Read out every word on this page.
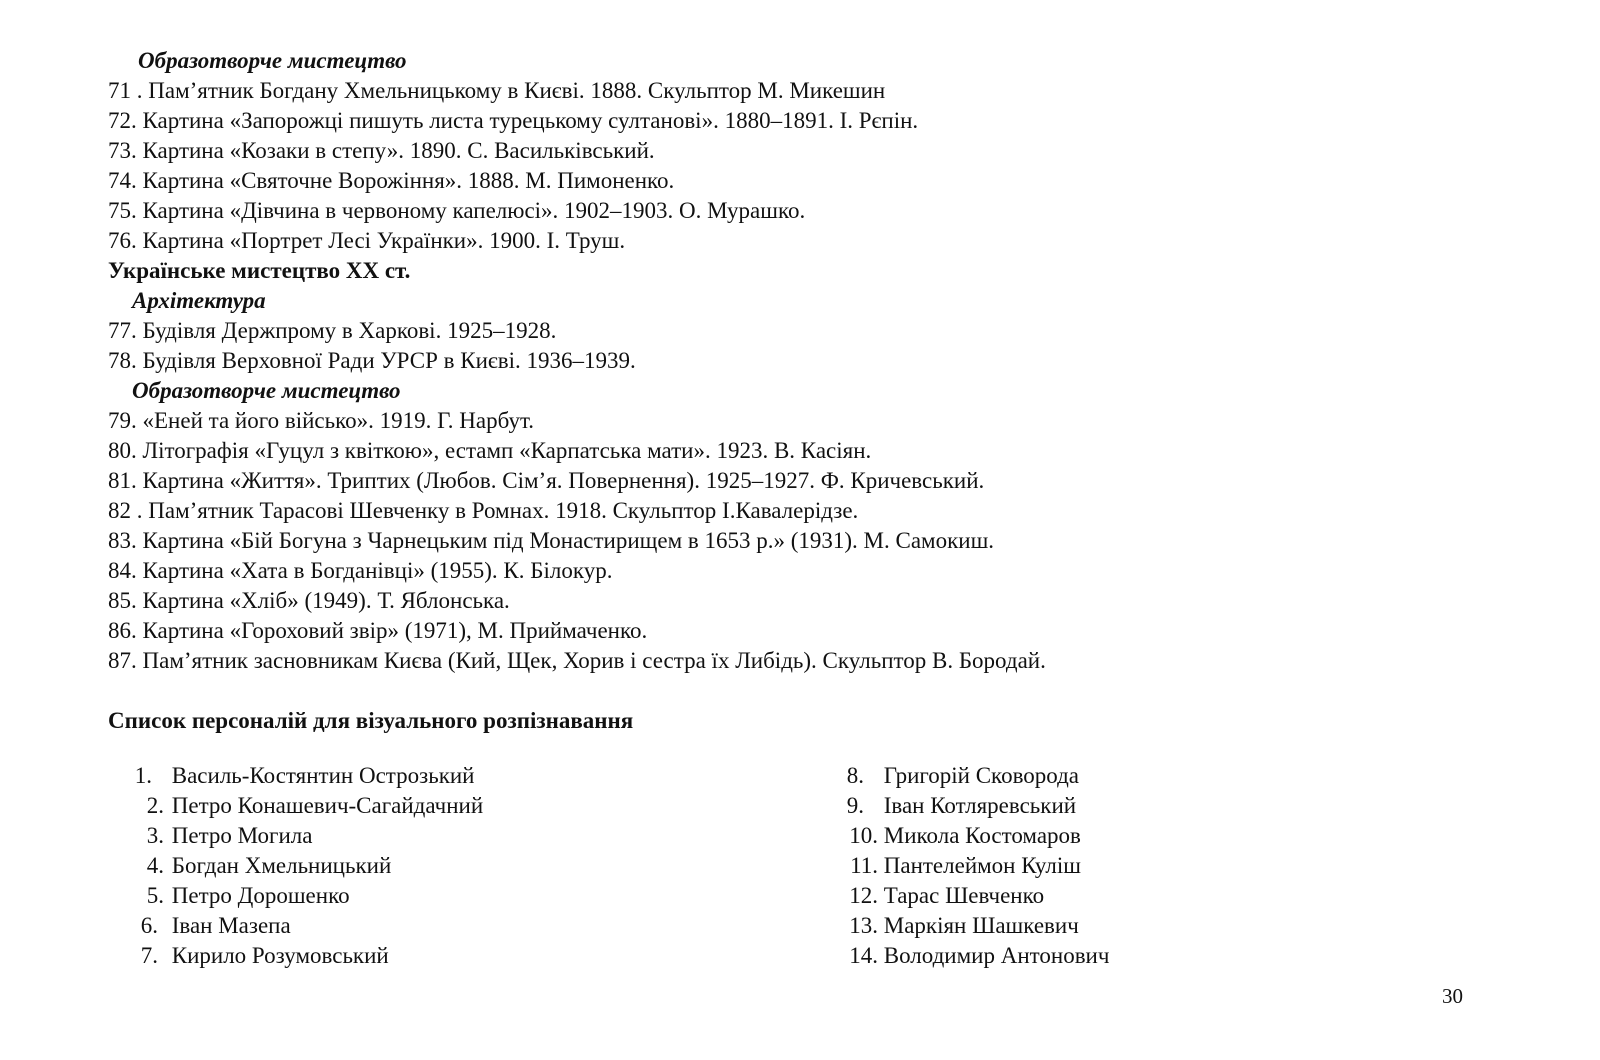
Образотворче мистецтво
71 . Пам’ятник Богдану Хмельницькому в Києві. 1888. Скульптор М. Микешин
72. Картина «Запорожці пишуть листа турецькому султанові». 1880–1891. І. Рєпін.
73. Картина «Козаки в степу». 1890. С. Васильківський.
74. Картина «Святочне Ворожіння». 1888. М. Пимоненко.
75. Картина «Дівчина в червоному капелюсі». 1902–1903. О. Мурашко.
76. Картина «Портрет Лесі Українки». 1900. І. Труш.
Українське мистецтво ХХ ст.
Архітектура
77. Будівля Держпрому в Харкові. 1925–1928.
78. Будівля Верховної Ради УРСР в Києві. 1936–1939.
Образотворче мистецтво
79. «Еней та його військо». 1919. Г. Нарбут.
80. Літографія «Гуцул з квіткою», естамп «Карпатська мати». 1923. В. Касіян.
81. Картина «Життя». Триптих (Любов. Сім’я. Повернення). 1925–1927. Ф. Кричевський.
82 . Пам’ятник Тарасові Шевченку в Ромнах. 1918. Скульптор І.Кавалерідзе.
83. Картина «Бій Богуна з Чарнецьким під Монастирищем в 1653 р.» (1931). М. Самокиш.
84. Картина «Хата в Богданівці» (1955). К. Білокур.
85. Картина «Хліб» (1949). Т. Яблонська.
86. Картина «Гороховий звір» (1971), М. Приймаченко.
87. Пам’ятник засновникам Києва (Кий, Щек, Хорив і сестра їх Либідь). Скульптор В. Бородай.
Список персоналій для візуального розпізнавання
1. Василь-Костянтин Острозький
2. Петро Конашевич-Сагайдачний
3. Петро Могила
4. Богдан Хмельницький
5. Петро Дорошенко
6. Іван Мазепа
7. Кирило Розумовський
8. Григорій Сковорода
9. Іван Котляревський
10. Микола Костомаров
11. Пантелеймон Куліш
12. Тарас Шевченко
13. Маркіян Шашкевич
14. Володимир Антонович
30
